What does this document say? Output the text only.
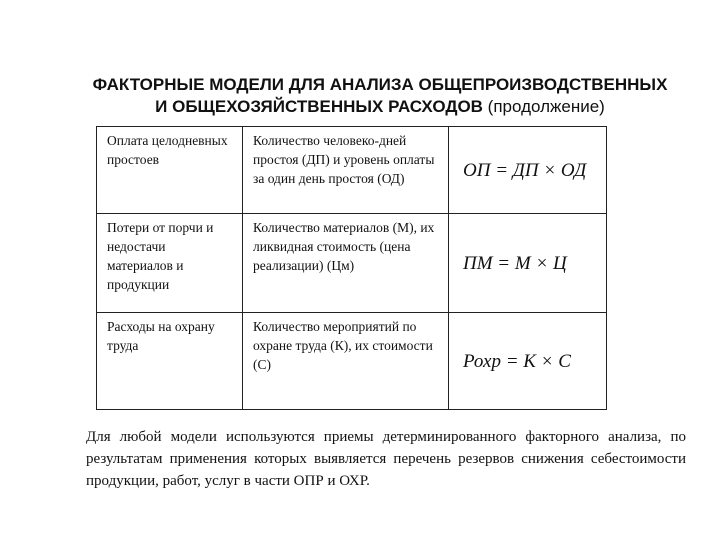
ФАКТОРНЫЕ МОДЕЛИ ДЛЯ АНАЛИЗА ОБЩЕПРОИЗВОДСТВЕННЫХ
И ОБЩЕХОЗЯЙСТВЕННЫХ РАСХОДОВ (продолжение)
Оплата целодневных простоев	Количество человеко-дней простоя (ДП) и уровень оплаты за один день простоя (ОД)	ОП = ДП × ОД
Потери от порчи и недостачи материалов и продукции	Количество материалов (М), их ликвидная стоимость (цена реализации) (Цм)	ПМ = М × Ц
Расходы на охрану труда	Количество мероприятий по охране труда (К), их стоимости (С)	Рохр = К × С
Для любой модели используются приемы детерминированного факторного анализа, по результатам применения которых выявляется перечень резервов снижения себестоимости продукции, работ, услуг в части ОПР и ОХР.
